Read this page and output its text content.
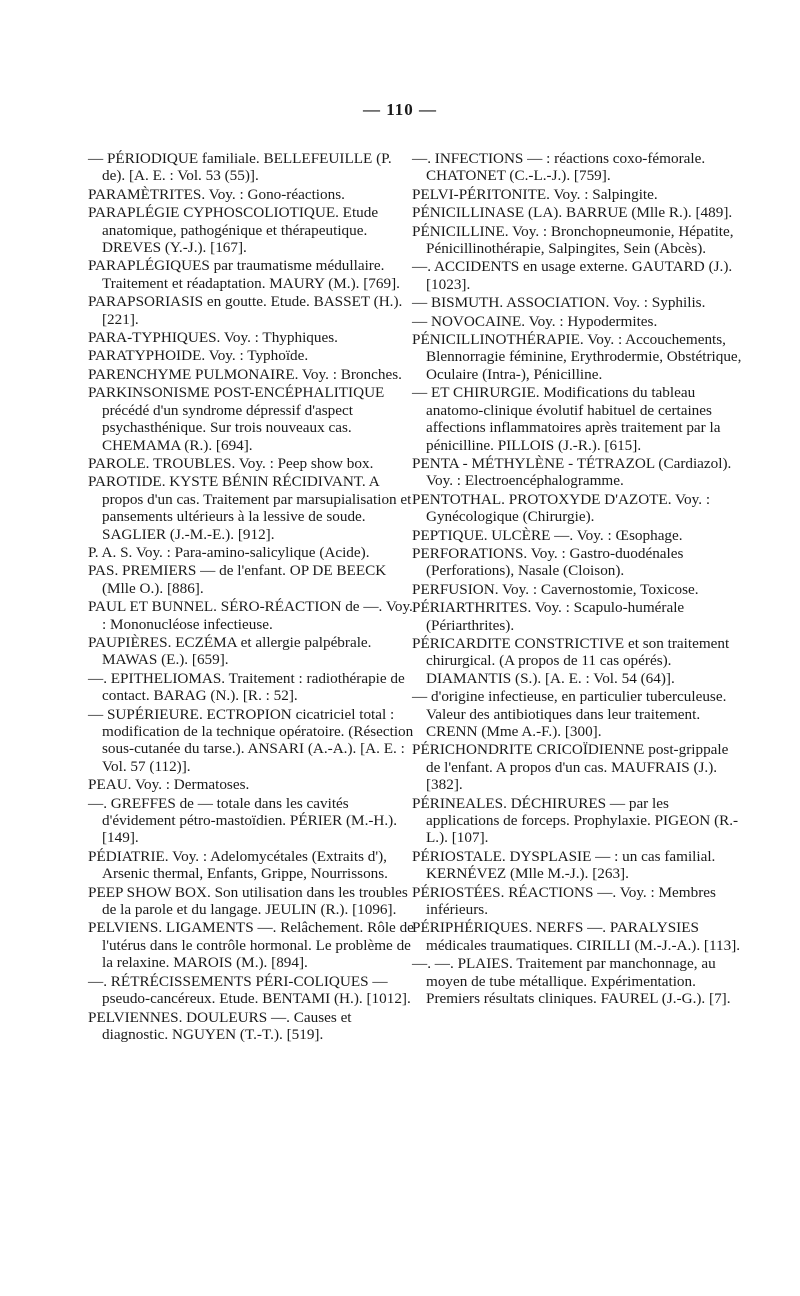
— 110 —

— PÉRIODIQUE familiale. BELLEFEUILLE (P. de). [A. E. : Vol. 53 (55)].

PARAMÈTRITES. Voy. : Gono-réactions.

PARAPLÉGIE CYPHOSCOLIOTIQUE. Etude anatomique, pathogénique et thérapeutique. DREVES (Y.-J.). [167].

PARAPLÉGIQUES par traumatisme médullaire. Traitement et réadaptation. MAURY (M.). [769].

PARAPSORIASIS en goutte. Etude. BASSET (H.). [221].

PARA-TYPHIQUES. Voy. : Thyphiques.

PARATYPHOIDE. Voy. : Typhoïde.

PARENCHYME PULMONAIRE. Voy. : Bronches.

PARKINSONISME POST-ENCÉPHALITIQUE précédé d'un syndrome dépressif d'aspect psychasthénique. Sur trois nouveaux cas. CHEMAMA (R.). [694].

PAROLE. TROUBLES. Voy. : Peep show box.

PAROTIDE. KYSTE BÉNIN RÉCIDIVANT. A propos d'un cas. Traitement par marsupialisation et pansements ultérieurs à la lessive de soude. SAGLIER (J.-M.-E.). [912].

P. A. S. Voy. : Para-amino-salicylique (Acide).

PAS. PREMIERS — de l'enfant. OP DE BEECK (Mlle O.). [886].

PAUL ET BUNNEL. SÉRO-RÉACTION de —. Voy. : Mononucléose infectieuse.

PAUPIÈRES. ECZÉMA et allergie palpébrale. MAWAS (E.). [659].

—. EPITHELIOMAS. Traitement : radiothérapie de contact. BARAG (N.). [R. : 52].

— SUPÉRIEURE. ECTROPION cicatriciel total : modification de la technique opératoire. (Résection sous-cutanée du tarse.). ANSARI (A.-A.). [A. E. : Vol. 57 (112)].

PEAU. Voy. : Dermatoses.

—. GREFFES de — totale dans les cavités d'évidement pétro-mastoïdien. PÉRIER (M.-H.). [149].

PÉDIATRIE. Voy. : Adelomycétales (Extraits d'), Arsenic thermal, Enfants, Grippe, Nourrissons.

PEEP SHOW BOX. Son utilisation dans les troubles de la parole et du langage. JEULIN (R.). [1096].

PELVIENS. LIGAMENTS —. Relâchement. Rôle de l'utérus dans le contrôle hormonal. Le problème de la relaxine. MAROIS (M.). [894].

—. RÉTRÉCISSEMENTS PÉRI-COLIQUES — pseudo-cancéreux. Etude. BENTAMI (H.). [1012].

PELVIENNES. DOULEURS —. Causes et diagnostic. NGUYEN (T.-T.). [519].

—. INFECTIONS — : réactions coxo-fémorale. CHATONET (C.-L.-J.). [759].

PELVI-PÉRITONITE. Voy. : Salpingite.

PÉNICILLINASE (LA). BARRUE (Mlle R.). [489].

PÉNICILLINE. Voy. : Bronchopneumonie, Hépatite, Pénicillinothérapie, Salpingites, Sein (Abcès).

—. ACCIDENTS en usage externe. GAUTARD (J.). [1023].

— BISMUTH. ASSOCIATION. Voy. : Syphilis.

— NOVOCAINE. Voy. : Hypodermites.

PÉNICILLINOTHÉRAPIE. Voy. : Accouchements, Blennorragie féminine, Erythrodermie, Obstétrique, Oculaire (Intra-), Pénicilline.

— ET CHIRURGIE. Modifications du tableau anatomo-clinique évolutif habituel de certaines affections inflammatoires après traitement par la pénicilline. PILLOIS (J.-R.). [615].

PENTA - MÉTHYLÈNE - TÉTRAZOL (Cardiazol). Voy. : Electroencéphalogramme.

PENTOTHAL. PROTOXYDE D'AZOTE. Voy. : Gynécologique (Chirurgie).

PEPTIQUE. ULCÈRE —. Voy. : Œsophage.

PERFORATIONS. Voy. : Gastro-duodénales (Perforations), Nasale (Cloison).

PERFUSION. Voy. : Cavernostomie, Toxicose.

PÉRIARTHRITES. Voy. : Scapulo-humérale (Périarthrites).

PÉRICARDITE CONSTRICTIVE et son traitement chirurgical. (A propos de 11 cas opérés). DIAMANTIS (S.). [A. E. : Vol. 54 (64)].

— d'origine infectieuse, en particulier tuberculeuse. Valeur des antibiotiques dans leur traitement. CRENN (Mme A.-F.). [300].

PÉRICHONDRITE CRICOÏDIENNE post-grippale de l'enfant. A propos d'un cas. MAUFRAIS (J.). [382].

PÉRINEALES. DÉCHIRURES — par les applications de forceps. Prophylaxie. PIGEON (R.-L.). [107].

PÉRIOSTALE. DYSPLASIE — : un cas familial. KERNÉVEZ (Mlle M.-J.). [263].

PÉRIOSTÉES. RÉACTIONS —. Voy. : Membres inférieurs.

PÉRIPHÉRIQUES. NERFS —. PARALYSIES médicales traumatiques. CIRILLI (M.-J.-A.). [113].

—. —. PLAIES. Traitement par manchonnage, au moyen de tube métallique. Expérimentation. Premiers résultats cliniques. FAUREL (J.-G.). [7].
